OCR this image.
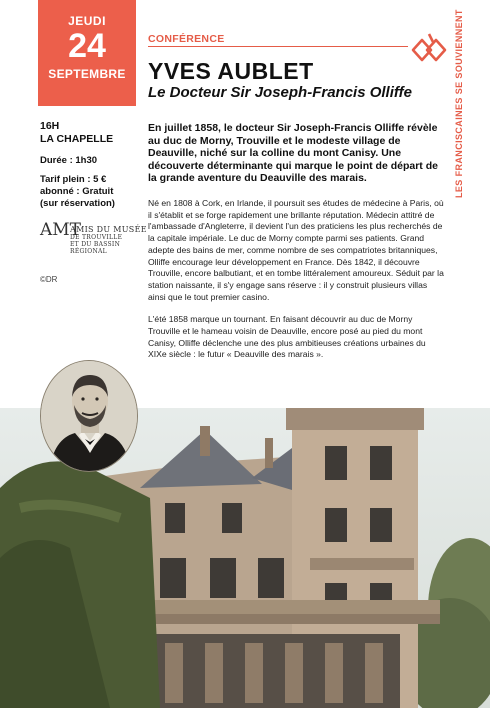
JEUDI
24
SEPTEMBRE
CONFÉRENCE	LES FRANCISCAINES SE SOUVIENNENT
YVES AUBLET
Le Docteur Sir Joseph-Francis Olliffe
16H
LA CHAPELLE
Durée : 1h30
Tarif plein : 5 €
abonné : Gratuit
(sur réservation)
AMT
AMIS DU MUSÉE
DE TROUVILLE
ET DU BASSIN RÉGIONAL
©DR
En juillet 1858, le docteur Sir Joseph-Francis Olliffe révèle au duc de Morny, Trouville et le modeste village de Deauville, niché sur la colline du mont Canisy. Une découverte déterminante qui marque le point de départ de la grande aventure du Deauville des marais.

Né en 1808 à Cork, en Irlande, il poursuit ses études de médecine à Paris, où il s'établit et se forge rapidement une brillante réputation. Médecin attitré de l'ambassade d'Angleterre, il devient l'un des praticiens les plus recherchés de la capitale impériale. Le duc de Morny compte parmi ses patients. Grand adepte des bains de mer, comme nombre de ses compatriotes britanniques, Olliffe encourage leur développement en France. Dès 1842, il découvre Trouville, encore balbutiant, et en tombe littéralement amoureux. Séduit par la station naissante, il s'y engage sans réserve : il y construit plusieurs villas ainsi que le tout premier casino.

L'été 1858 marque un tournant. En faisant découvrir au duc de Morny Trouville et le hameau voisin de Deauville, encore posé au pied du mont Canisy, Olliffe déclenche une des plus ambitieuses créations urbaines du XIXe siècle : le futur « Deauville des marais ».
